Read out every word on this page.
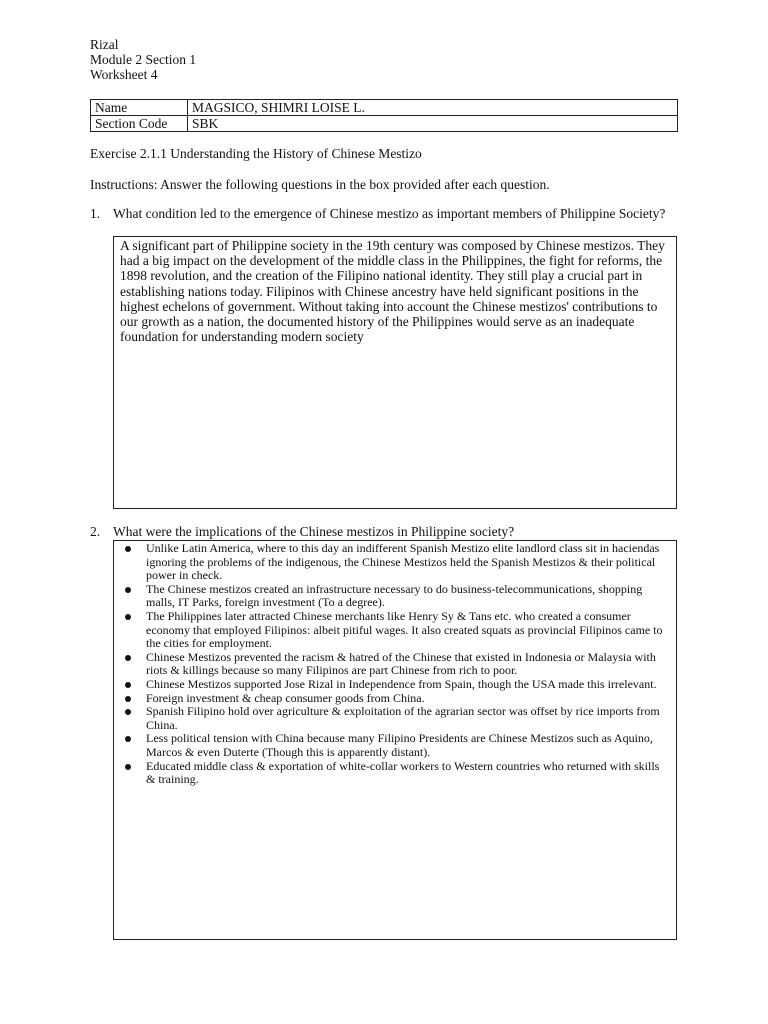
Rizal
Module 2 Section 1
Worksheet 4
Name	MAGSICO, SHIMRI LOISE L.
Section Code	SBK
Exercise 2.1.1 Understanding the History of Chinese Mestizo
Instructions: Answer the following questions in the box provided after each question.
1. What condition led to the emergence of Chinese mestizo as important members of Philippine Society?
A significant part of Philippine society in the 19th century was composed by Chinese mestizos. They had a big impact on the development of the middle class in the Philippines, the fight for reforms, the 1898 revolution, and the creation of the Filipino national identity. They still play a crucial part in establishing nations today. Filipinos with Chinese ancestry have held significant positions in the highest echelons of government. Without taking into account the Chinese mestizos' contributions to our growth as a nation, the documented history of the Philippines would serve as an inadequate foundation for understanding modern society
2. What were the implications of the Chinese mestizos in Philippine society?
Unlike Latin America, where to this day an indifferent Spanish Mestizo elite landlord class sit in haciendas ignoring the problems of the indigenous, the Chinese Mestizos held the Spanish Mestizos & their political power in check.
The Chinese mestizos created an infrastructure necessary to do business-telecommunications, shopping malls, IT Parks, foreign investment (To a degree).
The Philippines later attracted Chinese merchants like Henry Sy & Tans etc. who created a consumer economy that employed Filipinos: albeit pitiful wages. It also created squats as provincial Filipinos came to the cities for employment.
Chinese Mestizos prevented the racism & hatred of the Chinese that existed in Indonesia or Malaysia with riots & killings because so many Filipinos are part Chinese from rich to poor.
Chinese Mestizos supported Jose Rizal in Independence from Spain, though the USA made this irrelevant.
Foreign investment & cheap consumer goods from China.
Spanish Filipino hold over agriculture & exploitation of the agrarian sector was offset by rice imports from China.
Less political tension with China because many Filipino Presidents are Chinese Mestizos such as Aquino, Marcos & even Duterte (Though this is apparently distant).
Educated middle class & exportation of white-collar workers to Western countries who returned with skills & training.
